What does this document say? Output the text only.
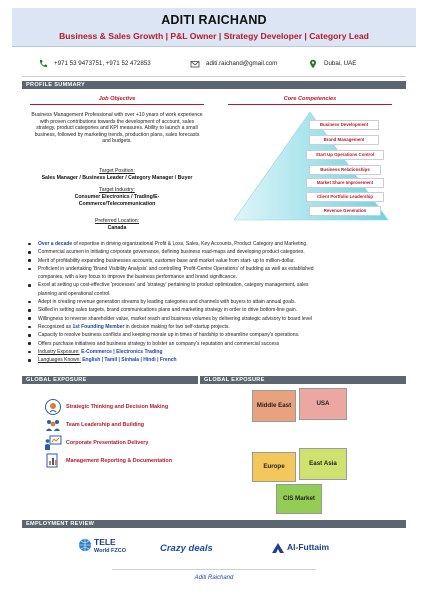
ADITI RAICHAND
Business & Sales Growth | P&L Owner | Strategy Developer | Category Lead
+971 53 9473751, +971 52 472853	aditi.raichand@gmail.com	Dubai, UAE
PROFILE SUMMARY
Job Objective	Core Competencies
Business Management Professional with over +10 years of work experience with proven contributions towards the development of account, sales strategy, product categories and KPI measures. Ability to launch a small business, followed by marketing trends, production plans, sales forecasts and budgets.
Target Position:
Sales Manager / Business Leader / Category Manager / Buyer
Target Industry:
Consumer Electronics / Trading/E-Commerce/Telecommunication
Preferred Location:
Canada
Business Development
Brand Management
Start Up Operations Control
Business Relationships
Market Share Improvement
Client Portfolio Leadership
Revenue Generation
Over a decade of expertise in driving organizational Profit & Loss, Sales, Key Accounts, Product Category and Marketing.
Commercial acumen in initiating corporate governance, defining business road-maps and developing product categories.
Merit of profitability expanding businesses accounts, customer base and market value from start- up to million-dollar.
Proficient in undertaking 'Brand Visibility Analysis' and controlling 'Profit-Centre Operations' of budding as well as established
companies, with a key focus to improve the business performance and brand significance.
Excel at setting up cost-effective 'processes' and 'strategy' pertaining to product optimization, category management, sales
planning and operational control.
Adept in creating revenue generation streams by leading categories and channels with buyers to attain annual goals.
Skilled in setting sales targets, brand communications plans and marketing strategy in order to drive bottom-line gain.
Willingness to reverse shareholder value, market reach and business volumes by delivering strategic advisory to board level
Recognized as 1st Founding Member in decision making for two self-startup projects.
Capacity to resolve business conflicts and keeping morale up in times of hardship to streamline company's operations.
Offers purchase initiatives and business strategy to bolster an company's reputation and commercial success
Industry Exposure: E-Commerce | Electronics Trading
Languages Known: English | Tamil | Sinhala | Hindi | French
GLOBAL EXPOSURE
Strategic Thinking and Decision Making
Team Leadership and Building
Corporate Presentation Delivery
Management Reporting & Documentation
GLOBAL EXPOSURE
Middle East	USA
Europe	East Asia
CIS Market
EMPLOYMENT REVIEW
TELE
World FZCO	Crazy deals	Al-Futtaim
Aditi Raichand
